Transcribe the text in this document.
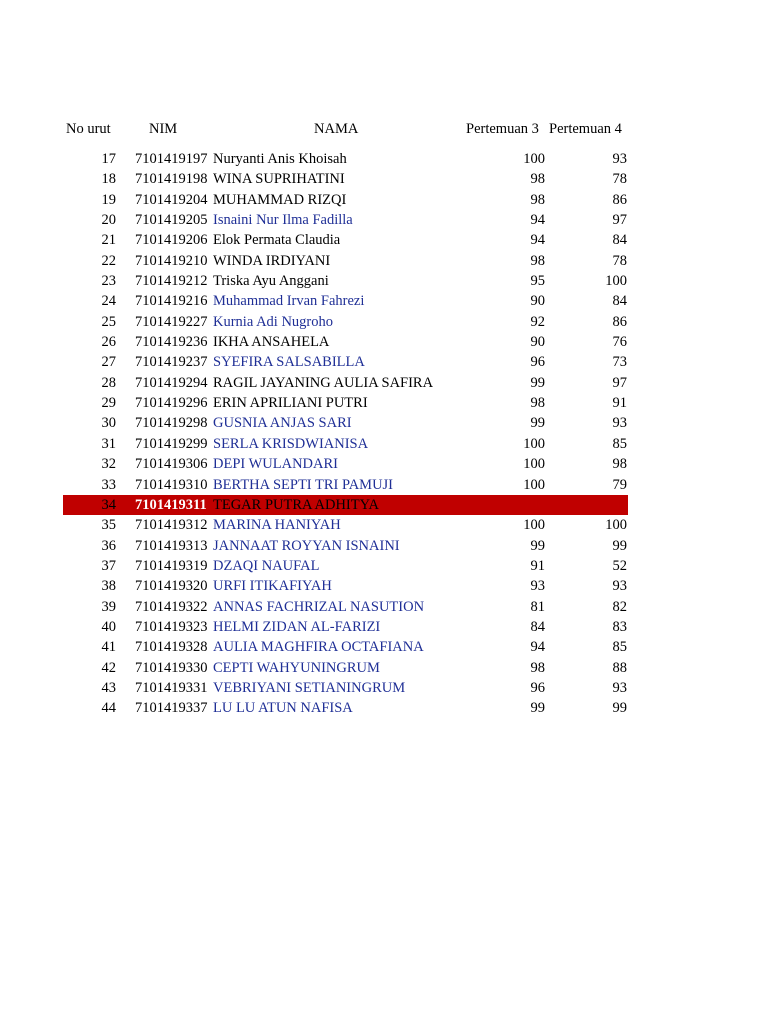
No urut	NIM	NAMA	Pertemuan 3 Pertemuan 4
17 7101419197 Nuryanti Anis Khoisah	100	93
18 7101419198 WINA SUPRIHATINI	98	78
19 7101419204 MUHAMMAD RIZQI	98	86
20 7101419205 Isnaini Nur Ilma Fadilla	94	97
21 7101419206 Elok Permata Claudia	94	84
22 7101419210 WINDA IRDIYANI	98	78
23 7101419212 Triska Ayu Anggani	95	100
24 7101419216 Muhammad Irvan Fahrezi	90	84
25 7101419227 Kurnia Adi Nugroho	92	86
26 7101419236 IKHA ANSAHELA	90	76
27 7101419237 SYEFIRA SALSABILLA	96	73
28 7101419294 RAGIL JAYANING AULIA SAFIRA	99	97
29 7101419296 ERIN APRILIANI PUTRI	98	91
30 7101419298 GUSNIA ANJAS SARI	99	93
31 7101419299 SERLA KRISDWIANISA	100	85
32 7101419306 DEPI WULANDARI	100	98
33 7101419310 BERTHA SEPTI TRI PAMUJI	100	79
34 7101419311 TEGAR PUTRA ADHITYA
35 7101419312 MARINA HANIYAH	100	100
36 7101419313 JANNAAT ROYYAN ISNAINI	99	99
37 7101419319 DZAQI NAUFAL	91	52
38 7101419320 URFI ITIKAFIYAH	93	93
39 7101419322 ANNAS FACHRIZAL NASUTION	81	82
40 7101419323 HELMI ZIDAN AL-FARIZI	84	83
41 7101419328 AULIA MAGHFIRA OCTAFIANA	94	85
42 7101419330 CEPTI WAHYUNINGRUM	98	88
43 7101419331 VEBRIYANI SETIANINGRUM	96	93
44 7101419337 LU LU ATUN NAFISA	99	99
